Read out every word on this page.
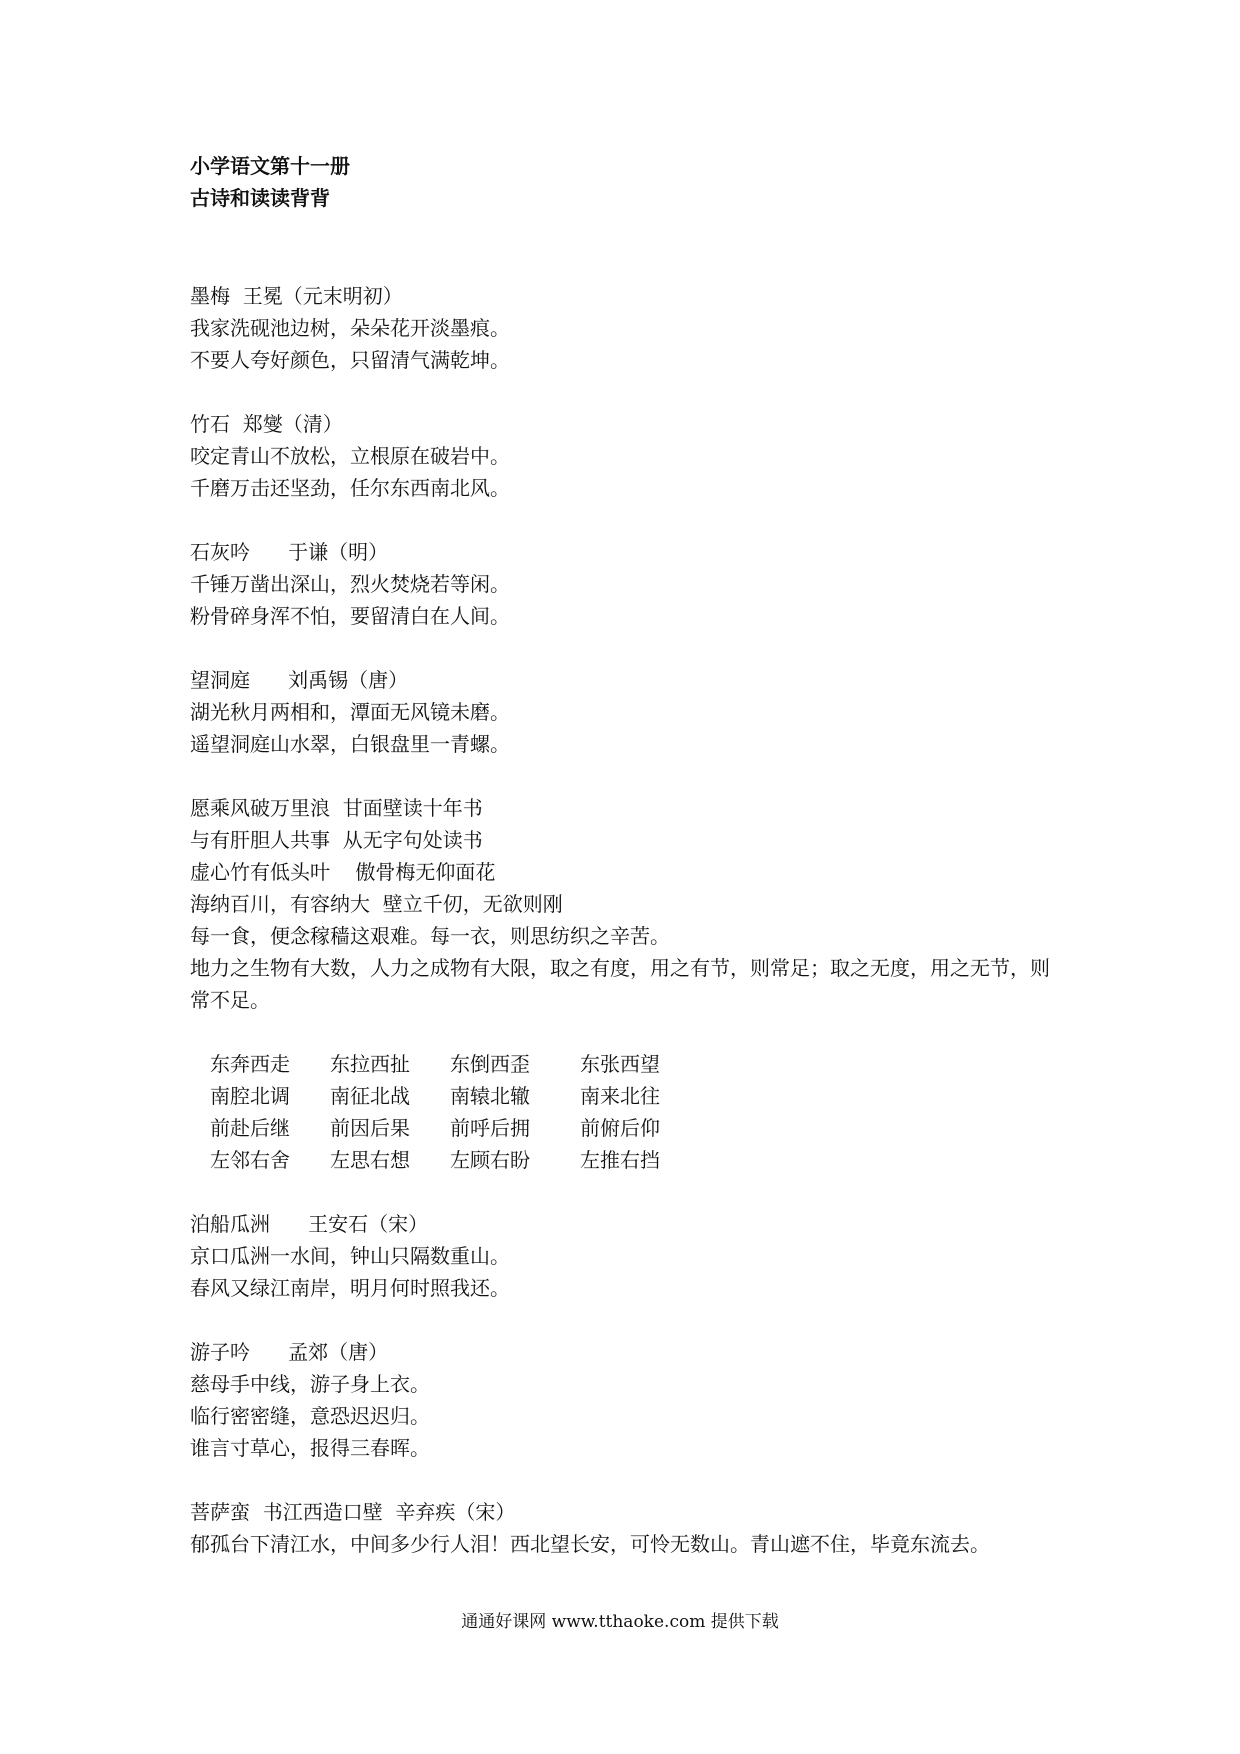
小学语文第十一册
古诗和读读背背
墨梅  王冕（元末明初）
我家洗砚池边树，朵朵花开淡墨痕。
不要人夸好颜色，只留清气满乾坤。
竹石  郑燮（清）
咬定青山不放松，立根原在破岩中。
千磨万击还坚劲，任尔东西南北风。
石灰吟      于谦（明）
千锤万凿出深山，烈火焚烧若等闲。
粉骨碎身浑不怕，要留清白在人间。
望洞庭      刘禹锡（唐）
湖光秋月两相和，潭面无风镜未磨。
遥望洞庭山水翠，白银盘里一青螺。
愿乘风破万里浪  甘面壁读十年书
与有肝胆人共事  从无字句处读书
虚心竹有低头叶    傲骨梅无仰面花
海纳百川，有容纳大  壁立千仞，无欲则刚
每一食，便念稼穑这艰难。每一衣，则思纺织之辛苦。
地力之生物有大数，人力之成物有大限，取之有度，用之有节，则常足；取之无度，用之无节，则常不足。
东奔西走	东拉西扯	东倒西歪	东张西望
南腔北调	南征北战	南辕北辙	南来北往
前赴后继	前因后果	前呼后拥	前俯后仰
左邻右舍	左思右想	左顾右盼	左推右挡
泊船瓜洲      王安石（宋）
京口瓜洲一水间，钟山只隔数重山。
春风又绿江南岸，明月何时照我还。
游子吟      孟郊（唐）
慈母手中线，游子身上衣。
临行密密缝，意恐迟迟归。
谁言寸草心，报得三春晖。
菩萨蛮  书江西造口壁  辛弃疾（宋）
郁孤台下清江水，中间多少行人泪！西北望长安，可怜无数山。青山遮不住，毕竟东流去。
通通好课网 www.tthaoke.com 提供下载
